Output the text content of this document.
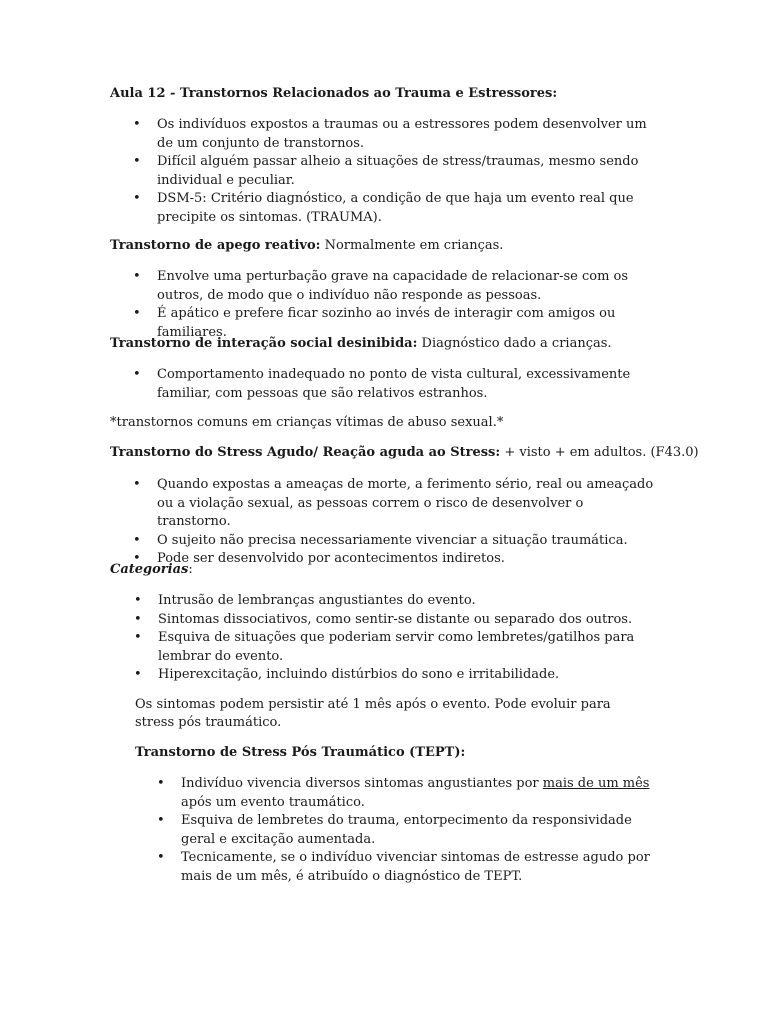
Aula 12 - Transtornos Relacionados ao Trauma e Estressores:
• Os indivíduos expostos a traumas ou a estressores podem desenvolver um de um conjunto de transtornos.
• Difícil alguém passar alheio a situações de stress/traumas, mesmo sendo individual e peculiar.
• DSM-5: Critério diagnóstico, a condição de que haja um evento real que precipite os sintomas. (TRAUMA).
Transtorno de apego reativo: Normalmente em crianças.
• Envolve uma perturbação grave na capacidade de relacionar-se com os outros, de modo que o indivíduo não responde as pessoas.
• É apático e prefere ficar sozinho ao invés de interagir com amigos ou familiares.
Transtorno de interação social desinibida: Diagnóstico dado a crianças.
• Comportamento inadequado no ponto de vista cultural, excessivamente familiar, com pessoas que são relativos estranhos.
*transtornos comuns em crianças vítimas de abuso sexual.*
Transtorno do Stress Agudo/ Reação aguda ao Stress: + visto + em adultos. (F43.0)
• Quando expostas a ameaças de morte, a ferimento sério, real ou ameaçado ou a violação sexual, as pessoas correm o risco de desenvolver o transtorno.
• O sujeito não precisa necessariamente vivenciar a situação traumática.
• Pode ser desenvolvido por acontecimentos indiretos.
Categorias:
• Intrusão de lembranças angustiantes do evento.
• Sintomas dissociativos, como sentir-se distante ou separado dos outros.
• Esquiva de situações que poderiam servir como lembretes/gatilhos para lembrar do evento.
• Hiperexcitação, incluindo distúrbios do sono e irritabilidade.
Os sintomas podem persistir até 1 mês após o evento. Pode evoluir para stress pós traumático.
Transtorno de Stress Pós Traumático (TEPT):
• Indivíduo vivencia diversos sintomas angustiantes por mais de um mês após um evento traumático.
• Esquiva de lembretes do trauma, entorpecimento da responsividade geral e excitação aumentada.
• Tecnicamente, se o indivíduo vivenciar sintomas de estresse agudo por mais de um mês, é atribuído o diagnóstico de TEPT.
